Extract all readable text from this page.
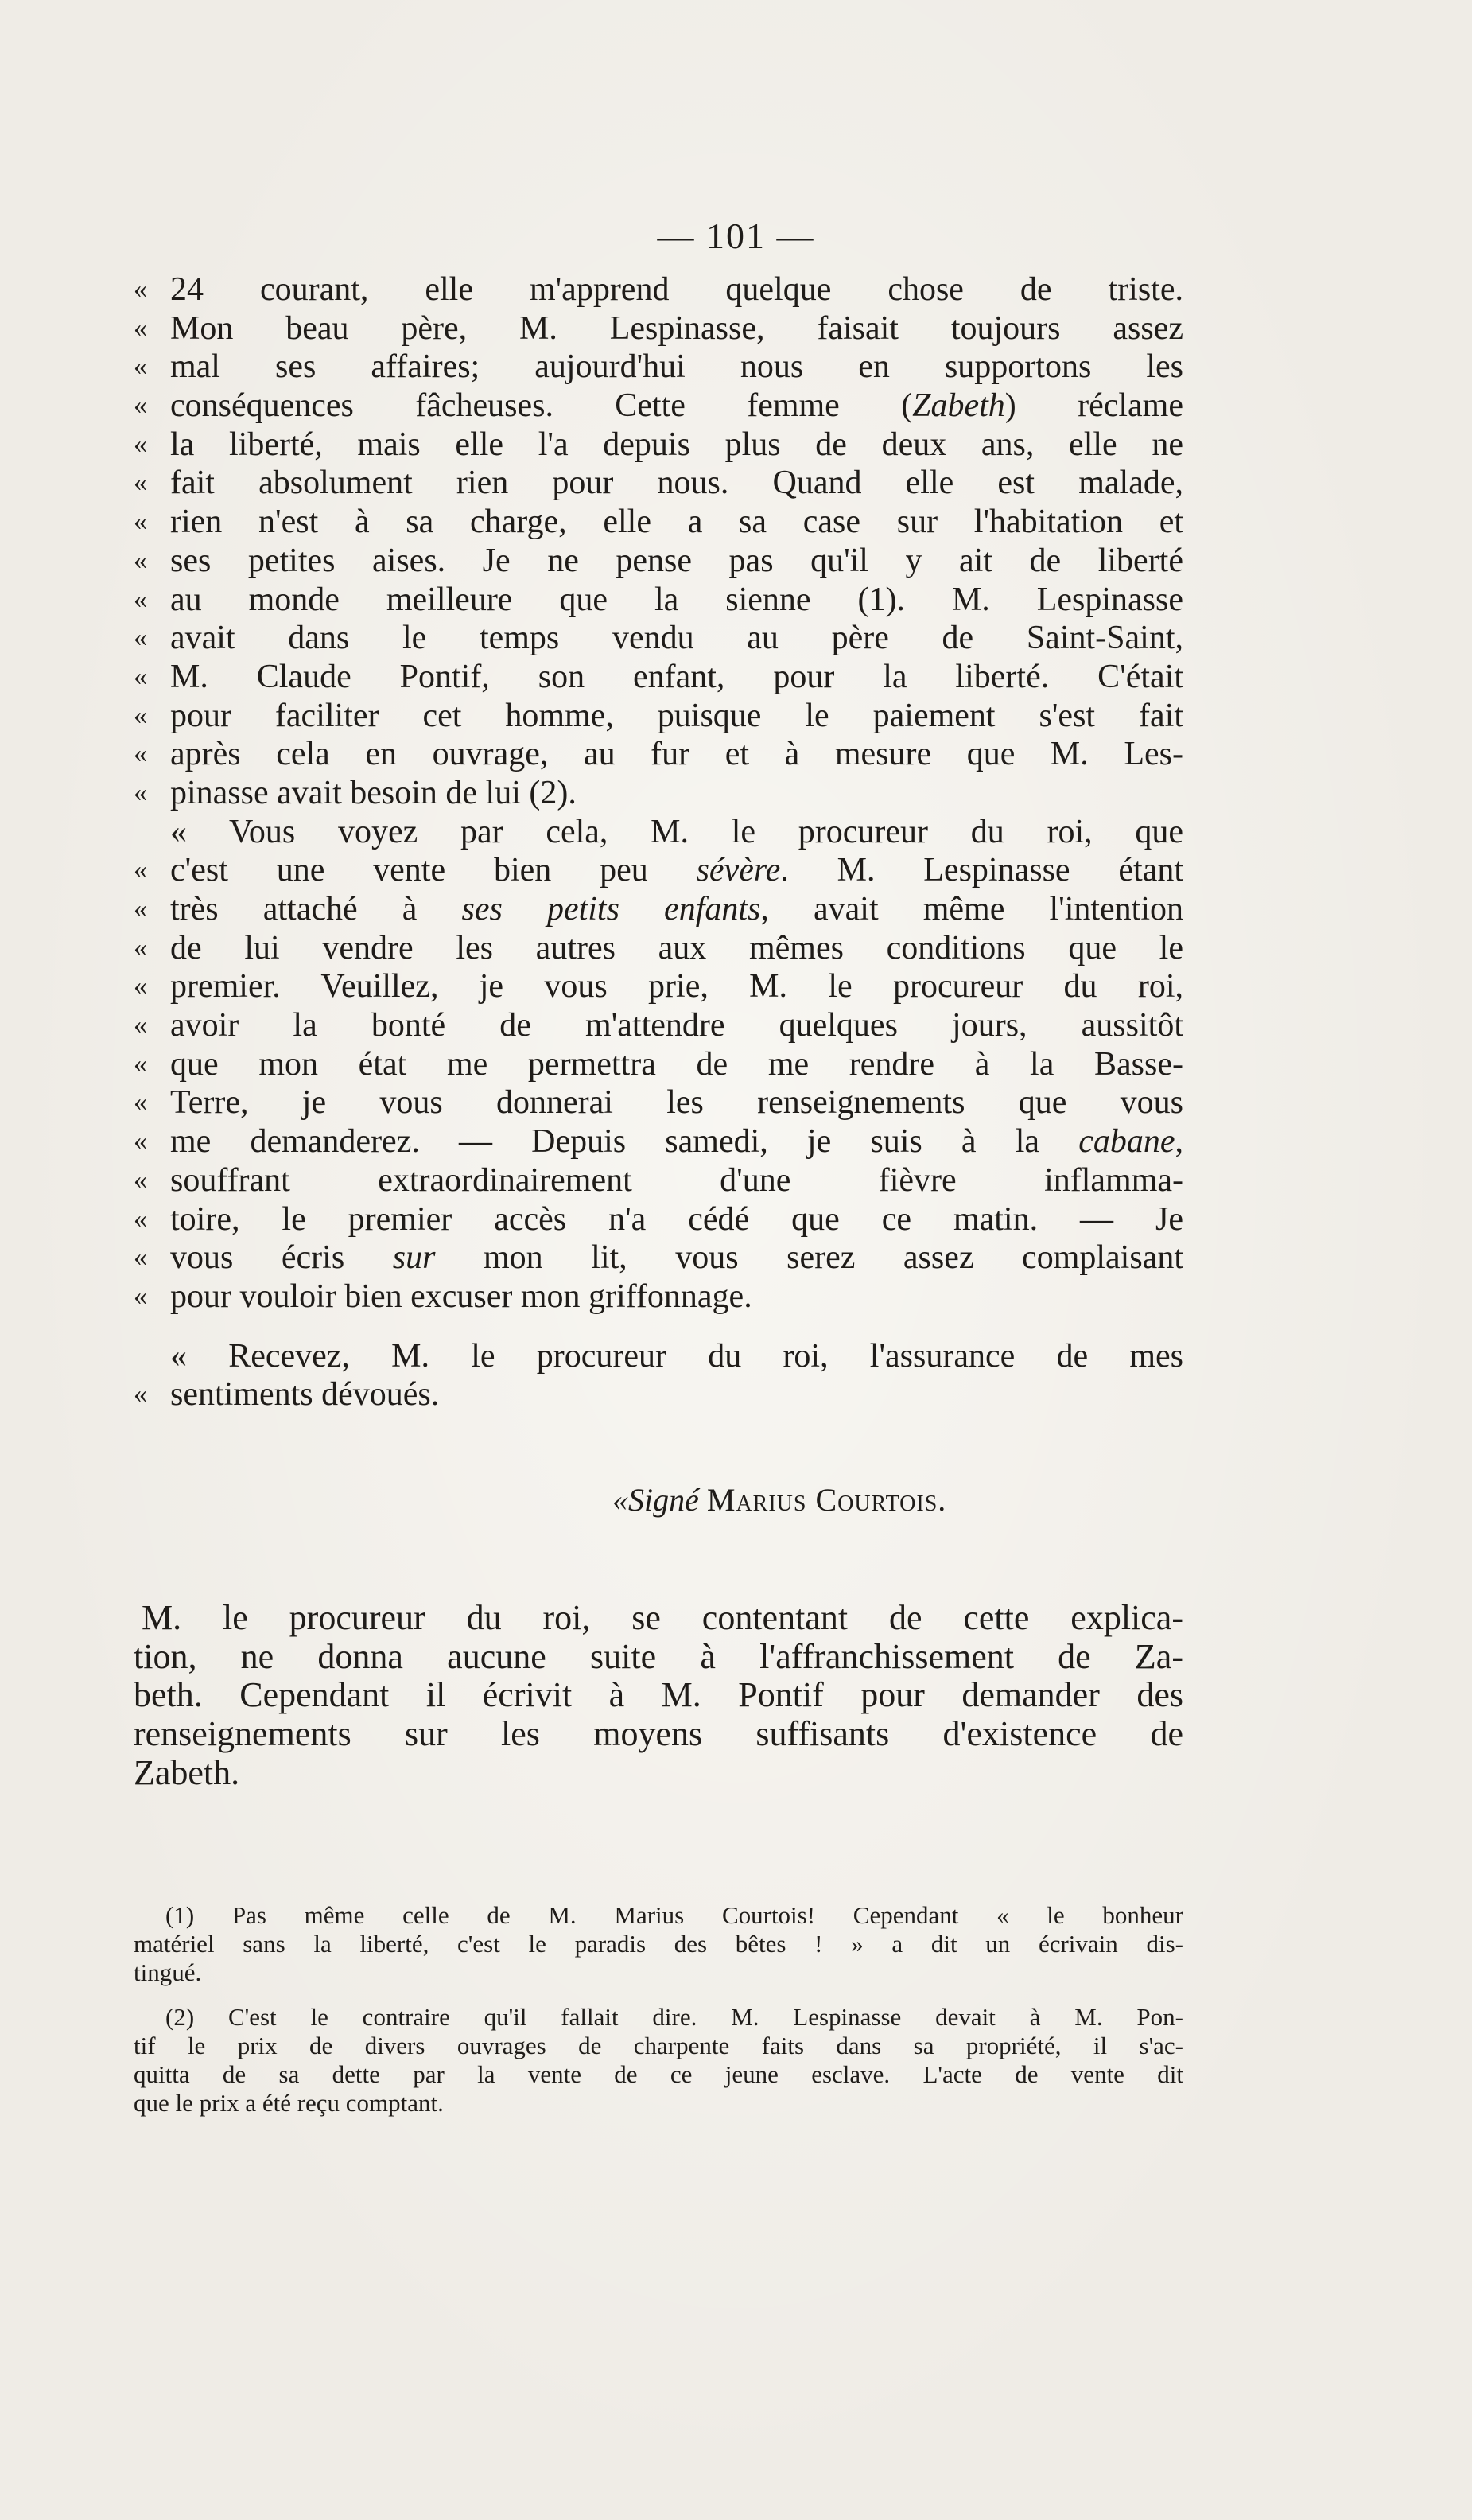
— 101 —
« 24 courant, elle m'apprend quelque chose de triste.
« Mon beau père, M. Lespinasse, faisait toujours assez
« mal ses affaires; aujourd'hui nous en supportons les
« conséquences fâcheuses. Cette femme (Zabeth) réclame
« la liberté, mais elle l'a depuis plus de deux ans, elle ne
« fait absolument rien pour nous. Quand elle est malade,
« rien n'est à sa charge, elle a sa case sur l'habitation et
« ses petites aises. Je ne pense pas qu'il y ait de liberté
« au monde meilleure que la sienne (1). M. Lespinasse
« avait dans le temps vendu au père de Saint-Saint,
« M. Claude Pontif, son enfant, pour la liberté. C'était
« pour faciliter cet homme, puisque le paiement s'est fait
« après cela en ouvrage, au fur et à mesure que M. Les-
« pinasse avait besoin de lui (2).
« Vous voyez par cela, M. le procureur du roi, que
« c'est une vente bien peu sévère. M. Lespinasse étant
« très attaché à ses petits enfants, avait même l'intention
« de lui vendre les autres aux mêmes conditions que le
« premier. Veuillez, je vous prie, M. le procureur du roi,
« avoir la bonté de m'attendre quelques jours, aussitôt
« que mon état me permettra de me rendre à la Basse-
« Terre, je vous donnerai les renseignements que vous
« me demanderez. — Depuis samedi, je suis à la cabane,
« souffrant extraordinairement d'une fièvre inflamma-
« toire, le premier accès n'a cédé que ce matin. — Je
« vous écris sur mon lit, vous serez assez complaisant
« pour vouloir bien excuser mon griffonnage.
« Recevez, M. le procureur du roi, l'assurance de mes
« sentiments dévoués.
«Signé Marius Courtois.
M. le procureur du roi, se contentant de cette explica-
tion, ne donna aucune suite à l'affranchissement de Za-
beth. Cependant il écrivit à M. Pontif pour demander des
renseignements sur les moyens suffisants d'existence de
Zabeth.
(1) Pas même celle de M. Marius Courtois! Cependant « le bonheur
matériel sans la liberté, c'est le paradis des bêtes ! » a dit un écrivain dis-
tingué.
(2) C'est le contraire qu'il fallait dire. M. Lespinasse devait à M. Pon-
tif le prix de divers ouvrages de charpente faits dans sa propriété, il s'ac-
quitta de sa dette par la vente de ce jeune esclave. L'acte de vente dit
que le prix a été reçu comptant.
